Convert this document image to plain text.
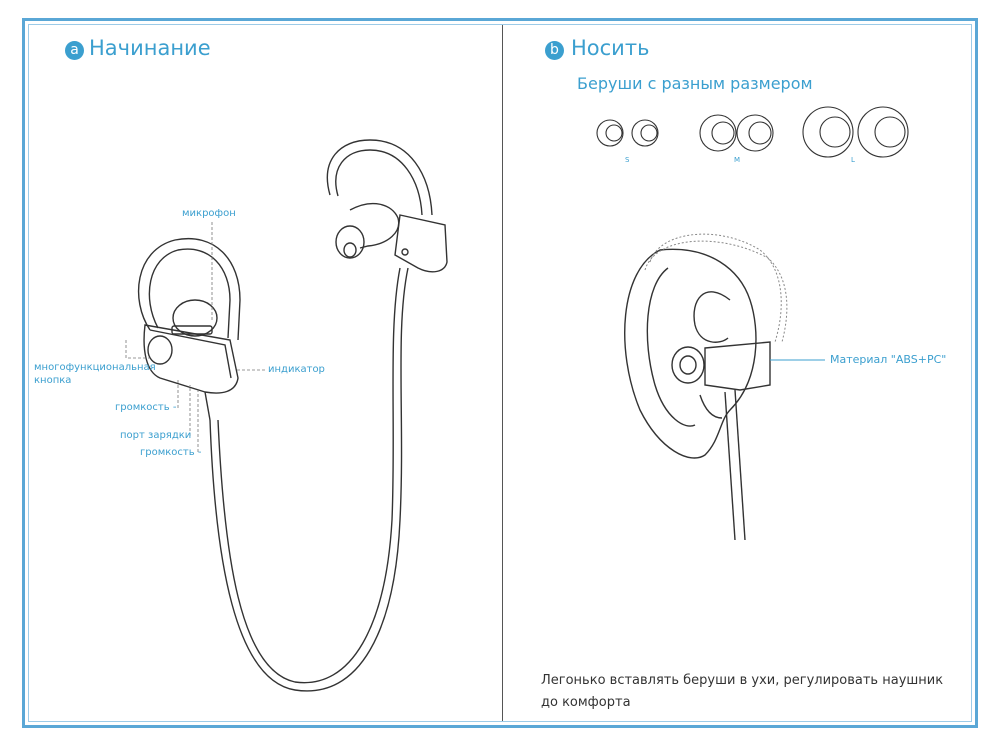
a Начинание
микрофон
многофункциональная
кнопка
индикатор
громкость -
порт зарядки
громкость -
b Носить
Беруши с разным размером
S	M	L
Материал "ABS+PC"
Легонько вставлять беруши в ухи, регулировать наушник до комфорта
